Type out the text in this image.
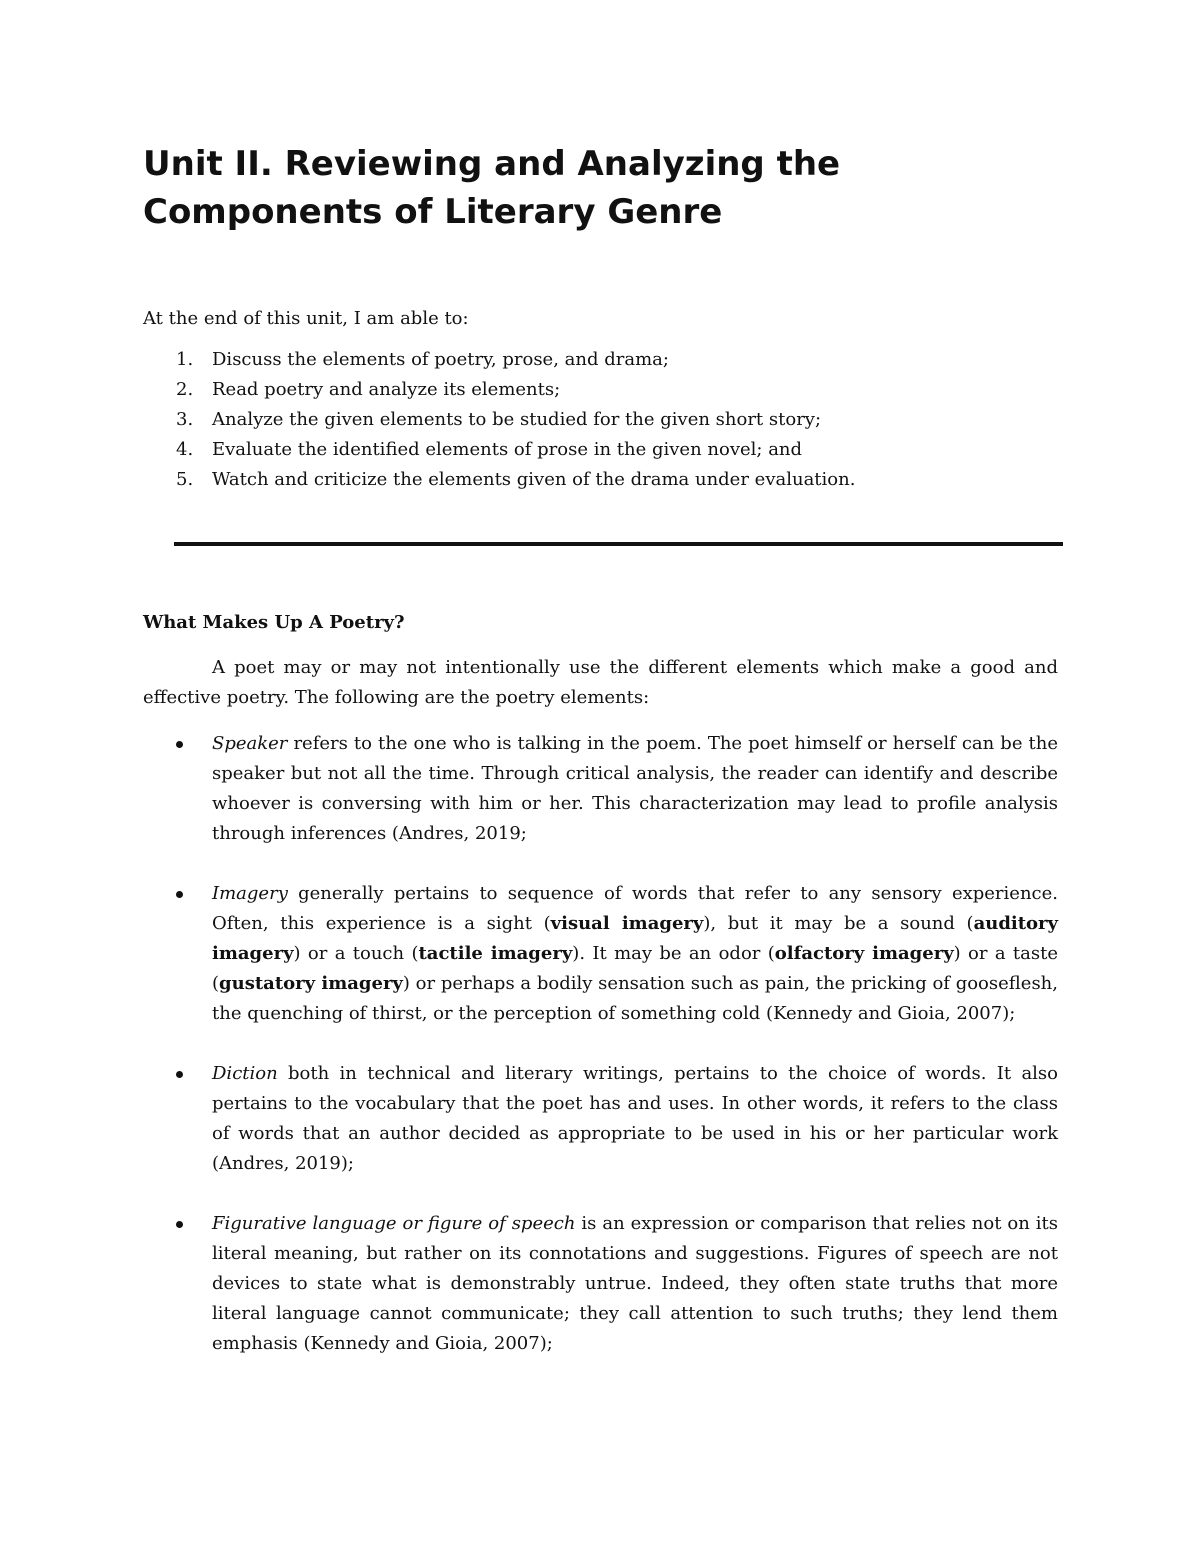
Unit II. Reviewing and Analyzing the Components of Literary Genre

At the end of this unit, I am able to:

1. Discuss the elements of poetry, prose, and drama;
2. Read poetry and analyze its elements;
3. Analyze the given elements to be studied for the given short story;
4. Evaluate the identified elements of prose in the given novel; and
5. Watch and criticize the elements given of the drama under evaluation.
What Makes Up A Poetry?

A poet may or may not intentionally use the different elements which make a good and effective poetry. The following are the poetry elements:

Speaker refers to the one who is talking in the poem. The poet himself or herself can be the speaker but not all the time. Through critical analysis, the reader can identify and describe whoever is conversing with him or her. This characterization may lead to profile analysis through inferences (Andres, 2019;
Imagery generally pertains to sequence of words that refer to any sensory experience. Often, this experience is a sight (visual imagery), but it may be a sound (auditory imagery) or a touch (tactile imagery). It may be an odor (olfactory imagery) or a taste (gustatory imagery) or perhaps a bodily sensation such as pain, the pricking of gooseflesh, the quenching of thirst, or the perception of something cold (Kennedy and Gioia, 2007);
Diction both in technical and literary writings, pertains to the choice of words. It also pertains to the vocabulary that the poet has and uses. In other words, it refers to the class of words that an author decided as appropriate to be used in his or her particular work (Andres, 2019);
Figurative language or figure of speech is an expression or comparison that relies not on its literal meaning, but rather on its connotations and suggestions. Figures of speech are not devices to state what is demonstrably untrue. Indeed, they often state truths that more literal language cannot communicate; they call attention to such truths; they lend them emphasis (Kennedy and Gioia, 2007);
